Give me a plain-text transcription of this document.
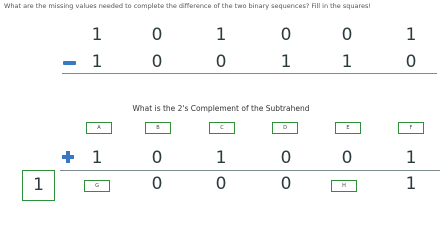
What are the missing values needed to complete the difference of the two binary sequences? Fill in the squares!
1	0	1	0	0	1
1	0	0	1	1	0
What is the 2's Complement of the Subtrahend
A	B	C	D	E	F
1	0	1	0	0	1
1	G	0	0	0	H	1
